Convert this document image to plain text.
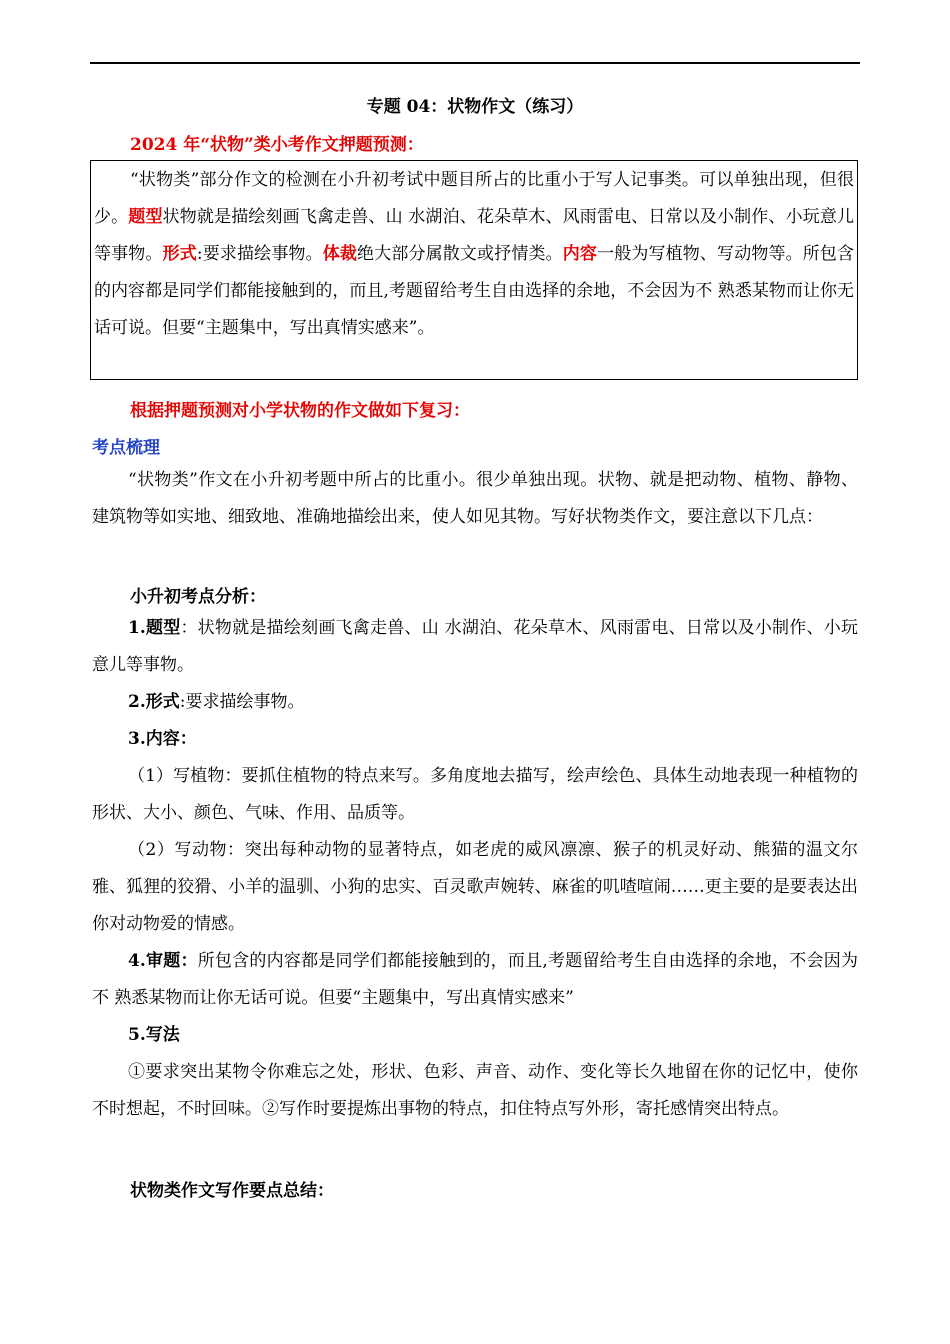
专题 04：状物作文（练习）
2024 年“状物”类小考作文押题预测：
“状物类”部分作文的检测在小升初考试中题目所占的比重小于写人记事类。可以单独出现，但很少。题型状物就是描绘刻画飞禽走兽、山 水湖泊、花朵草木、风雨雷电、日常以及小制作、小玩意儿等事物。形式:要求描绘事物。体裁绝大部分属散文或抒情类。内容一般为写植物、写动物等。所包含的内容都是同学们都能接触到的，而且,考题留给考生自由选择的余地，不会因为不 熟悉某物而让你无话可说。但要“主题集中，写出真情实感来”。
根据押题预测对小学状物的作文做如下复习：
考点梳理
“状物类”作文在小升初考题中所占的比重小。很少单独出现。状物、就是把动物、植物、静物、建筑物等如实地、细致地、准确地描绘出来，使人如见其物。写好状物类作文，要注意以下几点：
小升初考点分析：
1.题型：状物就是描绘刻画飞禽走兽、山 水湖泊、花朵草木、风雨雷电、日常以及小制作、小玩意儿等事物。
2.形式:要求描绘事物。
3.内容：
（1）写植物：要抓住植物的特点来写。多角度地去描写，绘声绘色、具体生动地表现一种植物的形状、大小、颜色、气味、作用、品质等。
（2）写动物：突出每种动物的显著特点，如老虎的威风凛凛、猴子的机灵好动、熊猫的温文尔雅、狐狸的狡猾、小羊的温驯、小狗的忠实、百灵歌声婉转、麻雀的叽喳喧闹……更主要的是要表达出你对动物爱的情感。
4.审题：所包含的内容都是同学们都能接触到的，而且,考题留给考生自由选择的余地，不会因为不 熟悉某物而让你无话可说。但要“主题集中，写出真情实感来”
5.写法
①要求突出某物令你难忘之处，形状、色彩、声音、动作、变化等长久地留在你的记忆中，使你不时想起，不时回味。②写作时要提炼出事物的特点，扣住特点写外形，寄托感情突出特点。
状物类作文写作要点总结：
